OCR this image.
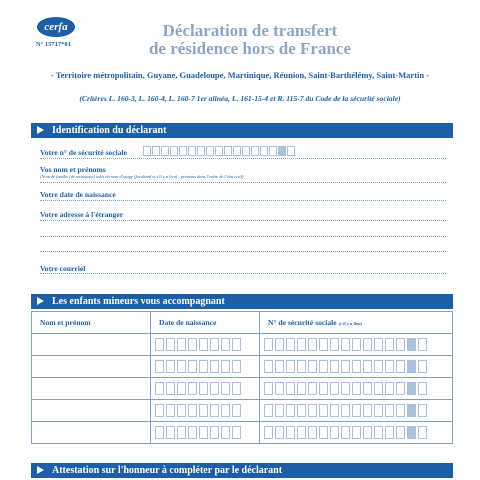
cerfa
N° 15717*01
Déclaration de transfert
de résidence hors de France
- Territoire métropolitain, Guyane, Guadeloupe, Martinique, Réunion, Saint-Barthélémy, Saint-Martin -
(Critères L. 160-3, L. 160-4, L. 160-7 1er alinéa, L. 161-15-4 et R. 115-7 du Code de la sécurité sociale)
Identification du déclarant
Votre n° de sécurité sociale
Vos nom et prénoms
(Nom de famille (de naissance) suivi du nom d'usage (facultatif et s'il y a lieu) ; prénoms dans l'ordre de l'état civil)
Votre date de naissance
Votre adresse à l'étranger
Votre courriel
Les enfants mineurs vous accompagnant
Nom et prénom	Date de naissance	N° de sécurité sociale (s'il y a lieu)

Attestation sur l'honneur à compléter par le déclarant
